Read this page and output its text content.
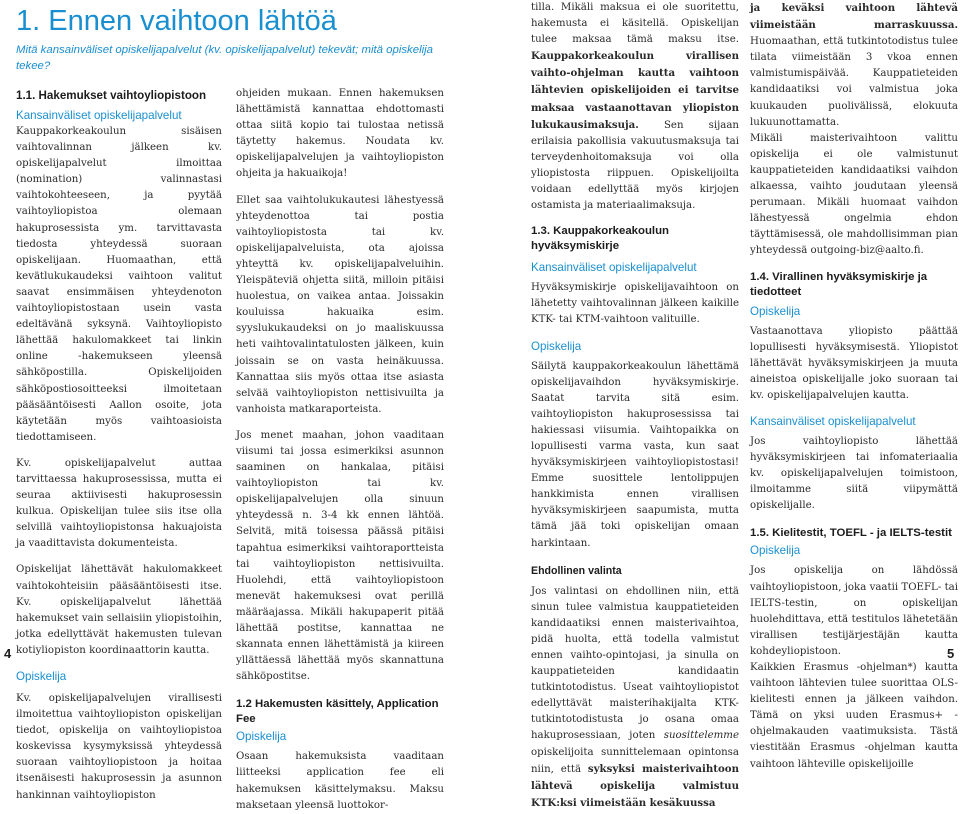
1. Ennen vaihtoon lähtöä

Mitä kansainväliset opiskelijapalvelut (kv. opiskelijapalvelut) tekevät; mitä opiskelija tekee?

1.1. Hakemukset vaihtoyliopistoon

Kansainväliset opiskelijapalvelut

Kauppakorkeakoulun sisäisen vaihtovalinnan jälkeen kv. opiskelijapalvelut ilmoittaa (nomination) valinnastasi vaihtokohteeseen, ja pyytää vaihtoyliopistoa olemaan hakuprosessista ym. tarvittavasta tiedosta yhteydessä suoraan opiskelijaan. Huomaathan, että kevätlukukaudeksi vaihtoon valitut saavat ensimmäisen yhteydenoton vaihtoyliopistostaan usein vasta edeltävänä syksynä. Vaihtoyliopisto lähettää hakulomakkeet tai linkin online -hakemukseen yleensä sähköpostilla. Opiskelijoiden sähköpostiosoitteeksi ilmoitetaan pääsääntöisesti Aallon osoite, jota käytetään myös vaihtoasioista tiedottamiseen.

Kv. opiskelijapalvelut auttaa tarvittaessa hakuprosessissa, mutta ei seuraa aktiivisesti hakuprosessin kulkua. Opiskelijan tulee siis itse olla selvillä vaihtoyliopistonsa hakuajoista ja vaadittavista dokumenteista.

Opiskelijat lähettävät hakulomakkeet vaihtokohteisiin pääsääntöisesti itse. Kv. opiskelijapalvelut lähettää hakemukset vain sellaisiin yliopistoihin, jotka edellyttävät hakemusten tulevan kotiyliopiston koordinaattorin kautta.

Opiskelija

Kv. opiskelijapalvelujen virallisesti ilmoitettua vaihtoyliopiston opiskelijan tiedot, opiskelija on vaihtoyliopistoa koskevissa kysymyksissä yhteydessä suoraan vaihtoyliopistoon ja hoitaa itsenäisesti hakuprosessin ja asunnon hankinnan vaihtoyliopiston

ohjeiden mukaan. Ennen hakemuksen lähettämistä kannattaa ehdottomasti ottaa siitä kopio tai tulostaa netissä täytetty hakemus. Noudata kv. opiskelijapalvelujen ja vaihtoyliopiston ohjeita ja hakuaikoja!

Ellet saa vaihtolukukautesi lähestyessä yhteydenottoa tai postia vaihtoyliopistosta tai kv. opiskelijapalveluista, ota ajoissa yhteyttä kv. opiskelijapalveluihin. Yleispäteviä ohjetta siitä, milloin pitäisi huolestua, on vaikea antaa. Joissakin kouluissa hakuaika esim. syyslukukaudeksi on jo maaliskuussa heti vaihtovalintatulosten jälkeen, kuin joissain se on vasta heinäkuussa. Kannattaa siis myös ottaa itse asiasta selvää vaihtoyliopiston nettisivuilta ja vanhoista matkaraporteista.

Jos menet maahan, johon vaaditaan viisumi tai jossa esimerkiksi asunnon saaminen on hankalaa, pitäisi vaihtoyliopiston tai kv. opiskelijapalvelujen olla sinuun yhteydessä n. 3-4 kk ennen lähtöä. Selvitä, mitä toisessa päässä pitäisi tapahtua esimerkiksi vaihtoraportteista tai vaihtoyliopiston nettisivuilta. Huolehdi, että vaihtoyliopistoon menevät hakemuksesi ovat perillä määräajassa. Mikäli hakupaperit pitää lähettää postitse, kannattaa ne skannata ennen lähettämistä ja kiireen yllättäessä lähettää myös skannattuna sähköpostitse.

1.2 Hakemusten käsittely, Application Fee

Opiskelija

Osaan hakemuksista vaaditaan liitteeksi application fee eli hakemuksen käsittelymaksu. Maksu maksetaan yleensä luottokor-

tilla. Mikäli maksua ei ole suoritettu, hakemusta ei käsitellä. Opiskelijan tulee maksaa tämä maksu itse. Kauppakorkeakoulun virallisen vaihto-ohjelman kautta vaihtoon lähtevien opiskelijoiden ei tarvitse maksaa vastaanottavan yliopiston lukukausimaksuja. Sen sijaan erilaisia pakollisia vakuutusmaksuja tai terveydenhoitomaksuja voi olla yliopistosta riippuen. Opiskelijoilta voidaan edellyttää myös kirjojen ostamista ja materiaalimaksuja.

1.3. Kauppakorkeakoulun hyväksymiskirje

Kansainväliset opiskelijapalvelut

Hyväksymiskirje opiskelijavaihtoon on lähetetty vaihtovalinnan jälkeen kaikille KTK- tai KTM-vaihtoon valituille.

Opiskelija

Säilytä kauppakorkeakoulun lähettämä opiskelijavaihdon hyväksymiskirje. Saatat tarvita sitä esim. vaihtoyliopiston hakuprosessissa tai hakiessasi viisumia. Vaihtopaikka on lopullisesti varma vasta, kun saat hyväksymiskirjeen vaihtoyliopistostasi! Emme suosittele lentolippujen hankkimista ennen virallisen hyväksymiskirjeen saapumista, mutta tämä jää toki opiskelijan omaan harkintaan.

Ehdollinen valinta

Jos valintasi on ehdollinen niin, että sinun tulee valmistua kauppatieteiden kandidaatiksi ennen maisterivaihtoa, pidä huolta, että todella valmistut ennen vaihto-opintojasi, ja sinulla on kauppatieteiden kandidaatin tutkintotodistus. Useat vaihtoyliopistot edellyttävät maisterihakijalta KTK-tutkintotodistusta jo osana omaa hakuprosessiaan, joten suosittelemme opiskelijoita sunnittelemaan opintonsa niin, että syksyksi maisterivaihtoon lähtevä opiskelija valmistuu KTK:ksi viimeistään kesäkuussa

ja keväksi vaihtoon lähtevä viimeistään marraskuussa. Huomaathan, että tutkintotodistus tulee tilata viimeistään 3 vkoa ennen valmistumispäivää. Kauppatieteiden kandidaatiksi voi valmistua joka kuukauden puolivälissä, elokuuta lukuunottamatta.

Mikäli maisterivaihtoon valittu opiskelija ei ole valmistunut kauppatieteiden kandidaatiksi vaihdon alkaessa, vaihto joudutaan yleensä perumaan. Mikäli huomaat vaihdon lähestyessä ongelmia ehdon täyttämisessä, ole mahdollisimman pian yhteydessä outgoing-biz@aalto.fi.

1.4. Virallinen hyväksymiskirje ja tiedotteet

Opiskelija

Vastaanottava yliopisto päättää lopullisesti hyväksymisestä. Yliopistot lähettävät hyväksymiskirjeen ja muuta aineistoa opiskelijalle joko suoraan tai kv. opiskelijapalvelujen kautta.

Kansainväliset opiskelijapalvelut

Jos vaihtoyliopisto lähettää hyväksymiskirjeen tai infomateriaalia kv. opiskelijapalvelujen toimistoon, ilmoitamme siitä viipymättä opiskelijalle.

1.5. Kielitestit, TOEFL - ja IELTS-testit

Opiskelija

Jos opiskelija on lähdössä vaihtoyliopistoon, joka vaatii TOEFL- tai IELTS-testin, on opiskelijan huolehdittava, että testitulos lähetetään virallisen testijärjestäjän kautta kohdeyliopistoon.

Kaikkien Erasmus -ohjelman*) kautta vaihtoon lähtevien tulee suorittaa OLS-kielitesti ennen ja jälkeen vaihdon. Tämä on yksi uuden Erasmus+ -ohjelmakauden vaatimuksista. Tästä viestitään Erasmus -ohjelman kautta vaihtoon lähteville opiskelijoille

4	5
